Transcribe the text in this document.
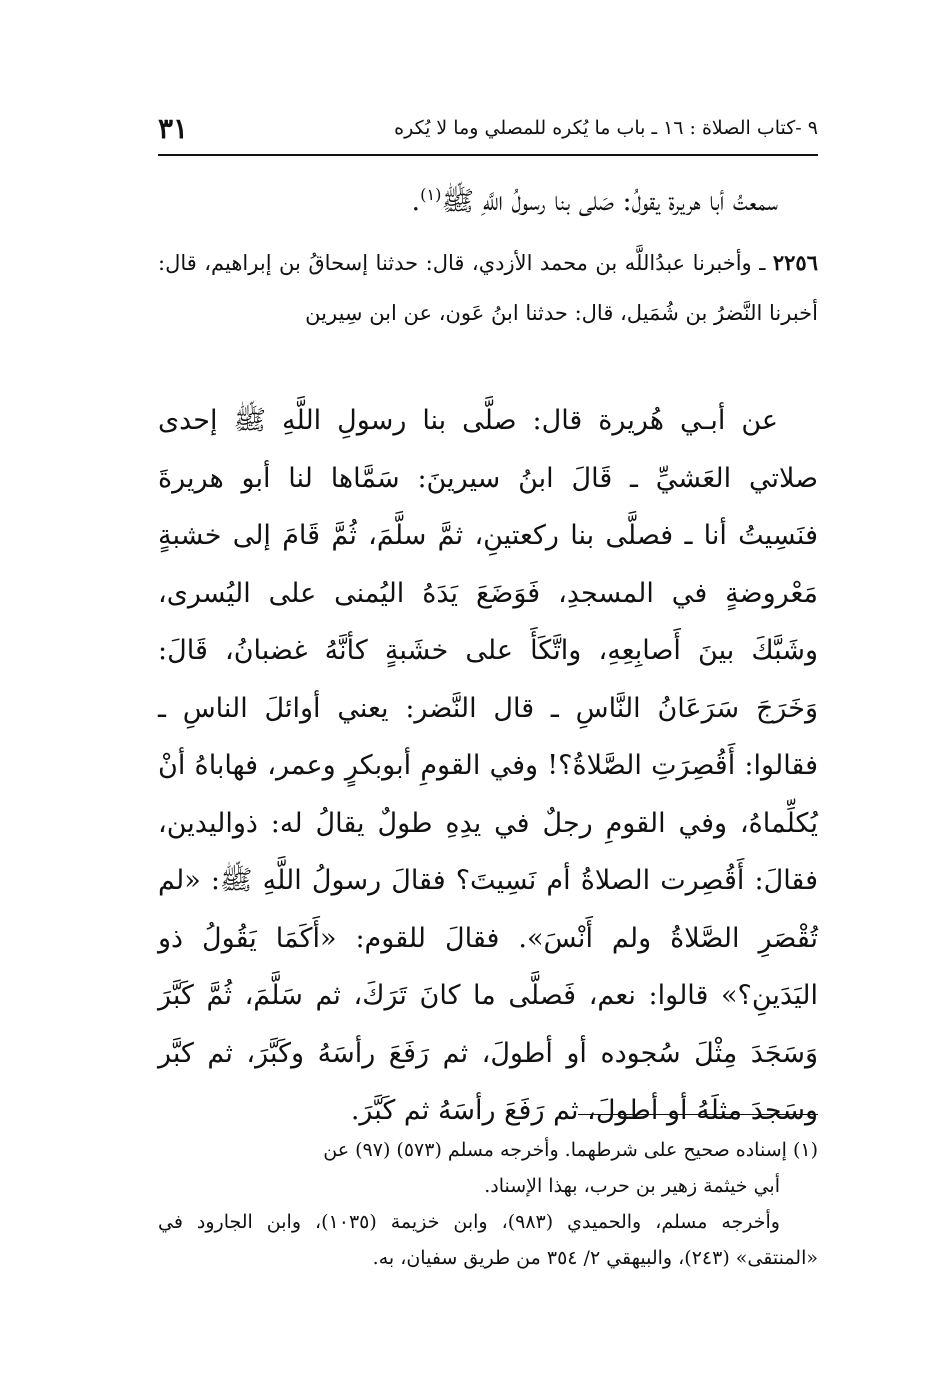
٩ -كتاب الصلاة : ١٦ ـ باب ما يُكره للمصلي وما لا يُكره
٣١
سمعتُ أبا هريرة يقولُ: صَلى بنا رسولُ اللَّهِ ﷺ$^{(١)}$.
٢٢٥٦ ـ وأخبرنا عبدُاللَّه بن محمد الأزدي، قال: حدثنا إسحاقُ بن إبراهيم، قال: أخبرنا النَّضرُ بن شُمَيل، قال: حدثنا ابنُ عَون، عن ابن سِيرين
عن أبـي هُريرة قال: صلَّى بنا رسولِ اللَّهِ ﷺ إحدى صلاتي العَشيِّ ـ قَالَ ابنُ سيرينَ: سَمَّاها لنا أبو هريرةَ فنَسِيتُ أنا ـ فصلَّى بنا ركعتينِ، ثمَّ سلَّمَ، ثُمَّ قَامَ إلى خشبةٍ مَعْروضةٍ في المسجدِ، فَوَضَعَ يَدَهُ اليُمنى على اليُسرى، وشَبَّكَ بينَ أَصابِعِهِ، واتَّكَأَ على خشَبةٍ كأنَّهُ غضبانُ، قَالَ: وَخَرَجَ سَرَعَانُ النَّاسِ ـ قال النَّضر: يعني أوائلَ الناسِ ـ فقالوا: أَقُصِرَتِ الصَّلاةُ؟! وفي القومِ أبوبكرٍ وعمر، فهاباهُ أنْ يُكلِّماهُ، وفي القومِ رجلٌ في يدِهِ طولٌ يقالُ له: ذواليدين، فقالَ: أَقُصِرت الصلاةُ أم نَسِيتَ؟ فقالَ رسولُ اللَّهِ ﷺ: «لم تُقْصَرِ الصَّلاةُ ولم أَنْسَ». فقالَ للقوم: «أَكَمَا يَقُولُ ذو اليَدَينِ؟» قالوا: نعم، فَصلَّى ما كانَ تَرَكَ، ثم سَلَّمَ، ثُمَّ كَبَّرَ وَسَجَدَ مِثْلَ سُجوده أو أطولَ، ثم رَفَعَ رأسَهُ وكَبَّرَ، ثم كبَّر وسَجدَ مثلَهُ أو أطولَ، ثم رَفَعَ رأسَهُ ثم كَبَّرَ.

(١) إسناده صحيح على شرطهما. وأخرجه مسلم (٥٧٣) (٩٧) عن

أبي خيثمة زهير بن حرب، بهذا الإسناد.

وأخرجه مسلم، والحميدي (٩٨٣)، وابن خزيمة (١٠٣٥)، وابن الجارود في «المنتقى» (٢٤٣)، والبيهقي ٢/ ٣٥٤ من طريق سفيان، به.
